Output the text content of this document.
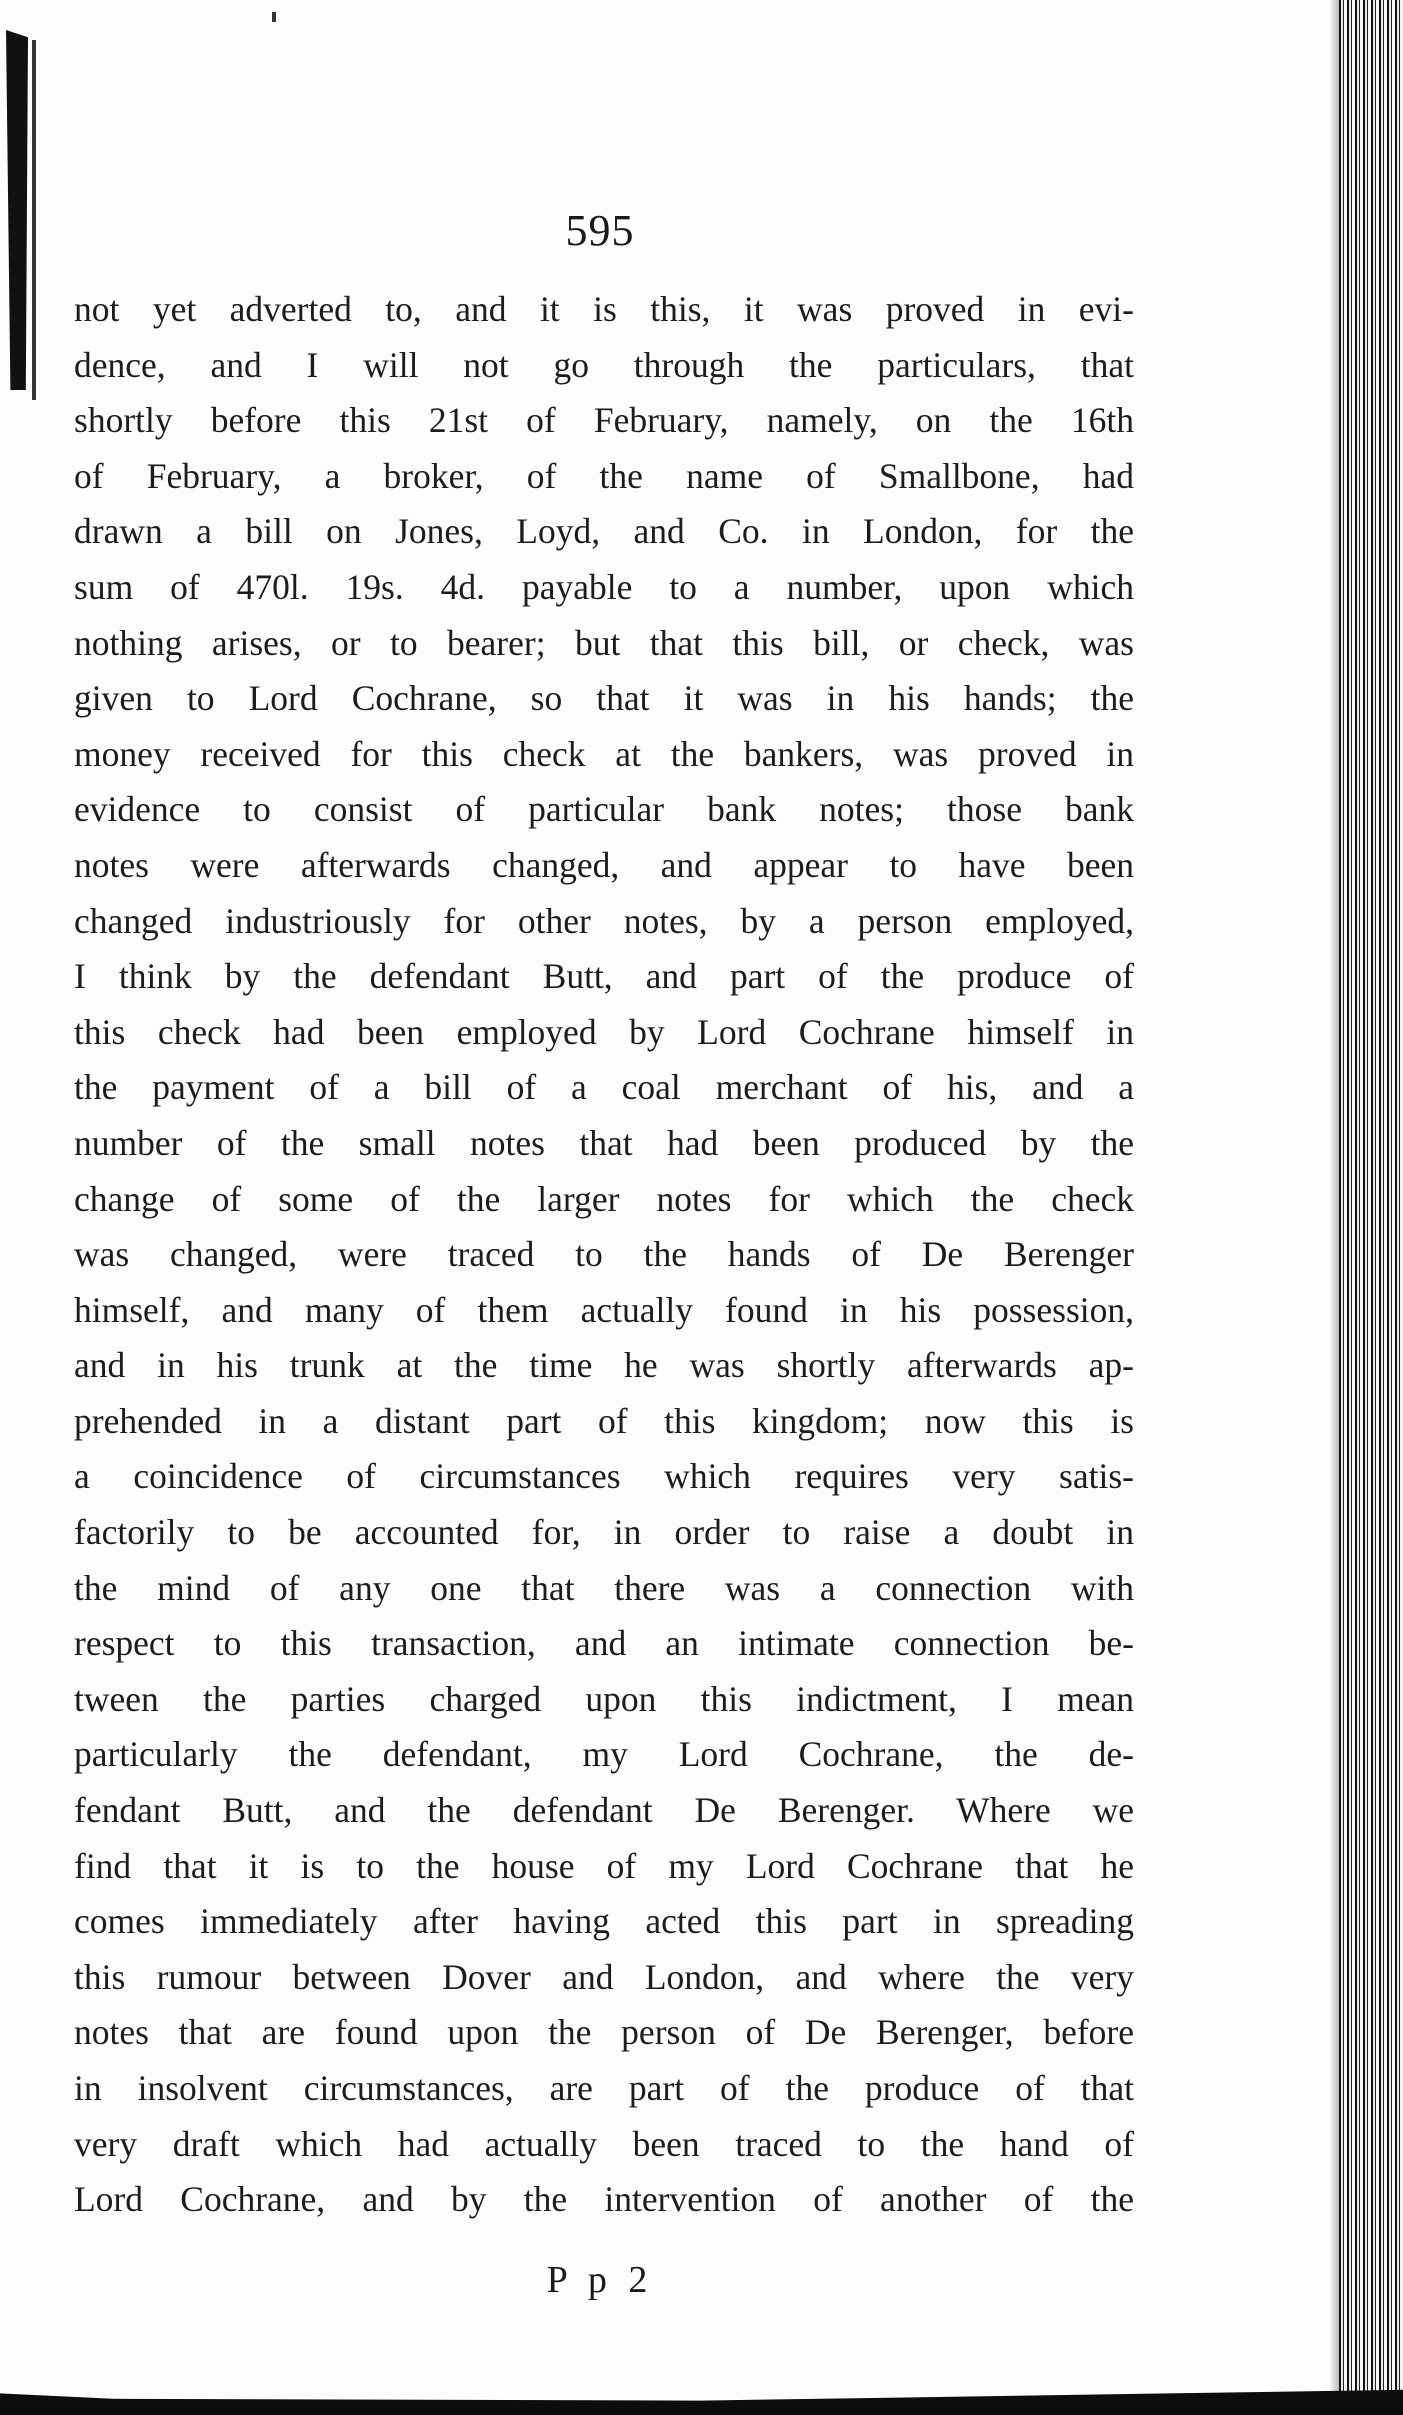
595
not yet adverted to, and it is this, it was proved in evi-
dence, and I will not go through the particulars, that
shortly before this 21st of February, namely, on the 16th
of February, a broker, of the name of Smallbone, had
drawn a bill on Jones, Loyd, and Co. in London, for the
sum of 470l. 19s. 4d. payable to a number, upon which
nothing arises, or to bearer; but that this bill, or check, was
given to Lord Cochrane, so that it was in his hands; the
money received for this check at the bankers, was proved in
evidence to consist of particular bank notes; those bank
notes were afterwards changed, and appear to have been
changed industriously for other notes, by a person employed,
I think by the defendant Butt, and part of the produce of
this check had been employed by Lord Cochrane himself in
the payment of a bill of a coal merchant of his, and a
number of the small notes that had been produced by the
change of some of the larger notes for which the check
was changed, were traced to the hands of De Berenger
himself, and many of them actually found in his possession,
and in his trunk at the time he was shortly afterwards ap-
prehended in a distant part of this kingdom; now this is
a coincidence of circumstances which requires very satis-
factorily to be accounted for, in order to raise a doubt in
the mind of any one that there was a connection with
respect to this transaction, and an intimate connection be-
tween the parties charged upon this indictment, I mean
particularly the defendant, my Lord Cochrane, the de-
fendant Butt, and the defendant De Berenger. Where we
find that it is to the house of my Lord Cochrane that he
comes immediately after having acted this part in spreading
this rumour between Dover and London, and where the very
notes that are found upon the person of De Berenger, before
in insolvent circumstances, are part of the produce of that
very draft which had actually been traced to the hand of
Lord Cochrane, and by the intervention of another of the
P p 2
